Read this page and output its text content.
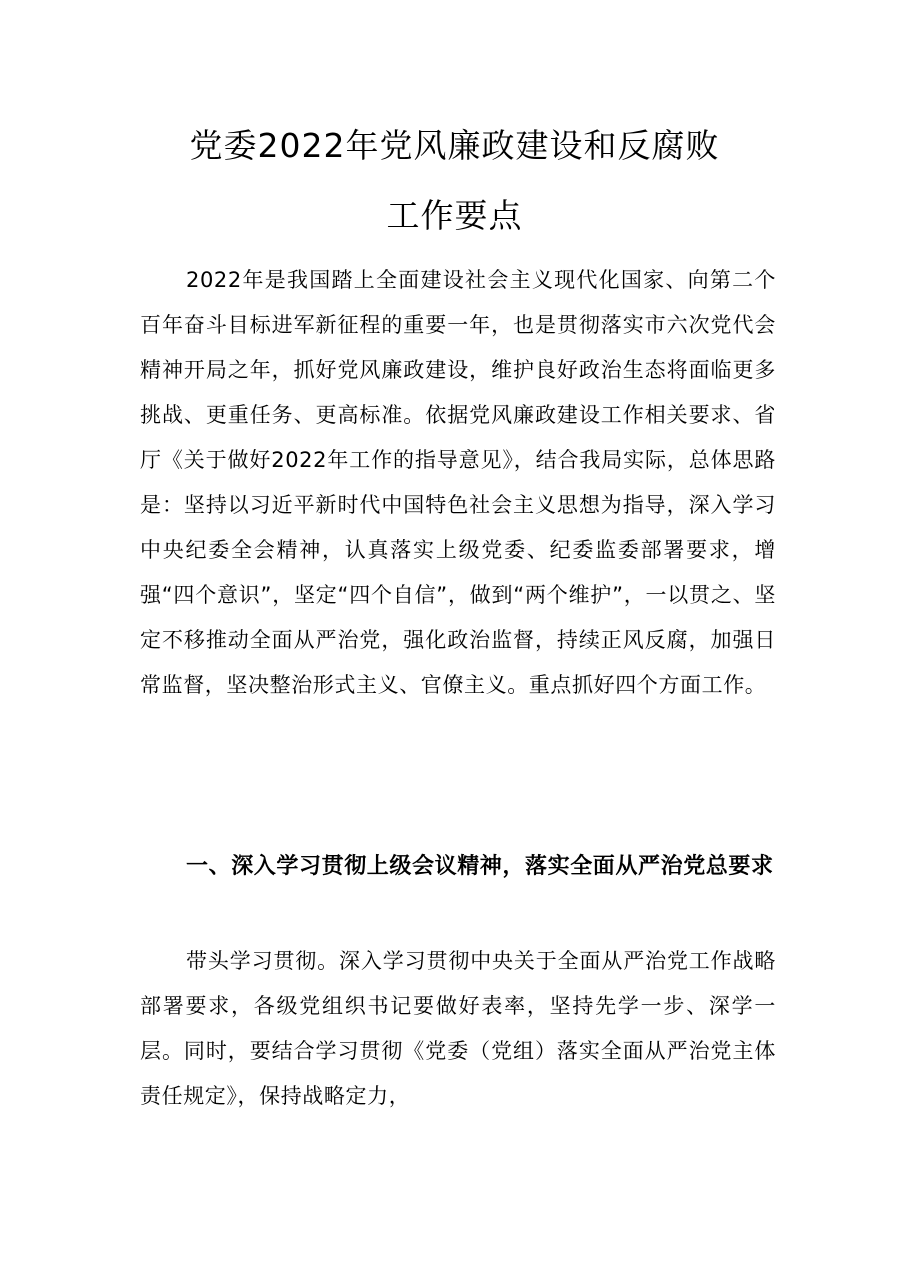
党委2022年党风廉政建设和反腐败
工作要点

2022年是我国踏上全面建设社会主义现代化国家、向第二个百年奋斗目标进军新征程的重要一年，也是贯彻落实市六次党代会精神开局之年，抓好党风廉政建设，维护良好政治生态将面临更多挑战、更重任务、更高标准。依据党风廉政建设工作相关要求、省厅《关于做好2022年工作的指导意见》，结合我局实际，总体思路是：坚持以习近平新时代中国特色社会主义思想为指导，深入学习中央纪委全会精神，认真落实上级党委、纪委监委部署要求，增强“四个意识”，坚定“四个自信”，做到“两个维护”，一以贯之、坚定不移推动全面从严治党，强化政治监督，持续正风反腐，加强日常监督，坚决整治形式主义、官僚主义。重点抓好四个方面工作。

一、深入学习贯彻上级会议精神，落实全面从严治党总要求

带头学习贯彻。深入学习贯彻中央关于全面从严治党工作战略部署要求，各级党组织书记要做好表率，坚持先学一步、深学一层。同时，要结合学习贯彻《党委（党组）落实全面从严治党主体责任规定》，保持战略定力，
